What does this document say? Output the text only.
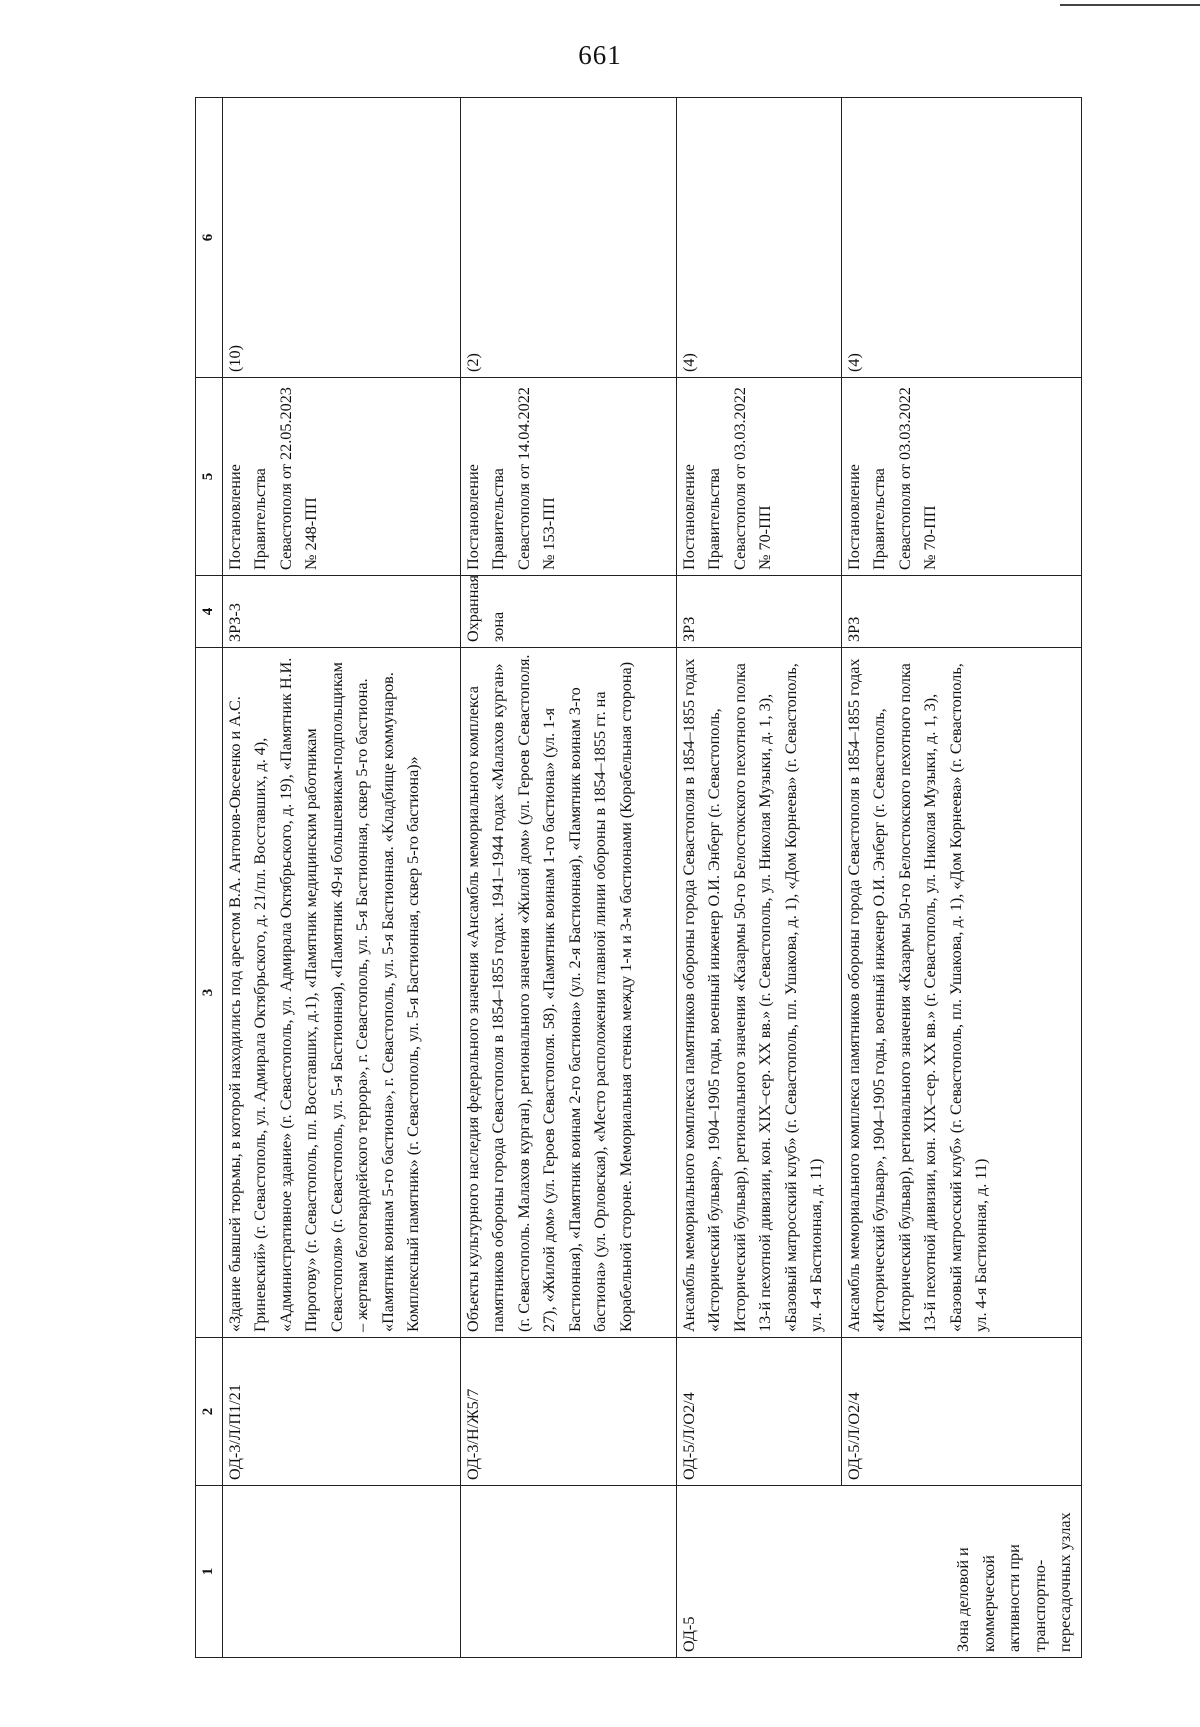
661
1	2	3	4	5	6

	ОД-3/Л/П1/21	«Здание бывшей тюрьмы, в которой находились под арестом В.А. Антонов-Овсеенко и А.С. Гриневский» (г. Севастополь, ул. Адмирала Октябрьского, д. 21/пл. Восставших, д. 4), «Административное здание» (г. Севастополь, ул. Адмирала Октябрьского, д. 19), «Памятник Н.И. Пирогову» (г. Севастополь, пл. Восставших, д.1), «Памятник медицинским работникам Севастополя» (г. Севастополь, ул. 5-я Бастионная), «Памятник 49-и большевикам-подпольщикам – жертвам белогвардейского террора», г. Севастополь, ул. 5-я Бастионная, сквер 5-го бастиона. «Памятник воинам 5-го бастиона», г. Севастополь, ул. 5-я Бастионная. «Кладбище коммунаров. Комплексный памятник» (г. Севастополь, ул. 5-я Бастионная, сквер 5-го бастиона)»	ЗРЗ-3	Постановление Правительства Севастополя от 22.05.2023 № 248-ПП	(10)

	ОД-3/Н/Ж5/7	Объекты культурного наследия федерального значения «Ансамбль мемориального комплекса памятников обороны города Севастополя в 1854–1855 годах. 1941–1944 годах «Малахов курган» (г. Севастополь. Малахов курган), регионального значения «Жилой дом» (ул. Героев Севастополя. 27), «Жилой дом» (ул. Героев Севастополя. 58). «Памятник воинам 1-го бастиона» (ул. 1-я Бастионная), «Памятник воинам 2-го бастиона» (ул. 2-я Бастионная), «Памятник воинам 3-го бастиона» (ул. Орловская), «Место расположения главной линии обороны в 1854–1855 гг. на Корабельной стороне. Мемориальная стенка между 1-м и 3-м бастионами (Корабельная сторона)	Охранная зона	Постановление Правительства Севастополя от 14.04.2022 № 153-ПП	(2)

ОД-5 Зона деловой и коммерческой активности при транспортно-пересадочных узлах	ОД-5/Л/О2/4	Ансамбль мемориального комплекса памятников обороны города Севастополя в 1854–1855 годах «Исторический бульвар», 1904–1905 годы, военный инженер О.И. Энберг (г. Севастополь, Исторический бульвар), регионального значения «Казармы 50-го Белостокского пехотного полка 13-й пехотной дивизии, кон. XIX–сер. XX вв.» (г. Севастополь, ул. Николая Музыки, д. 1, 3), «Базовый матросский клуб» (г. Севастополь, пл. Ушакова, д. 1), «Дом Корнеева» (г. Севастополь, ул. 4-я Бастионная, д. 11)	ЗРЗ	Постановление Правительства Севастополя от 03.03.2022 № 70-ПП	(4)
	ОД-5/Л/О2/4	Ансамбль мемориального комплекса памятников обороны города Севастополя в 1854–1855 годах «Исторический бульвар», 1904–1905 годы, военный инженер О.И. Энберг (г. Севастополь, Исторический бульвар), регионального значения «Казармы 50-го Белостокского пехотного полка 13-й пехотной дивизии, кон. XIX–сер. XX вв.» (г. Севастополь, ул. Николая Музыки, д. 1, 3), «Базовый матросский клуб» (г. Севастополь, пл. Ушакова, д. 1), «Дом Корнеева» (г. Севастополь, ул. 4-я Бастионная, д. 11)	ЗРЗ	Постановление Правительства Севастополя от 03.03.2022 № 70-ПП	(4)
